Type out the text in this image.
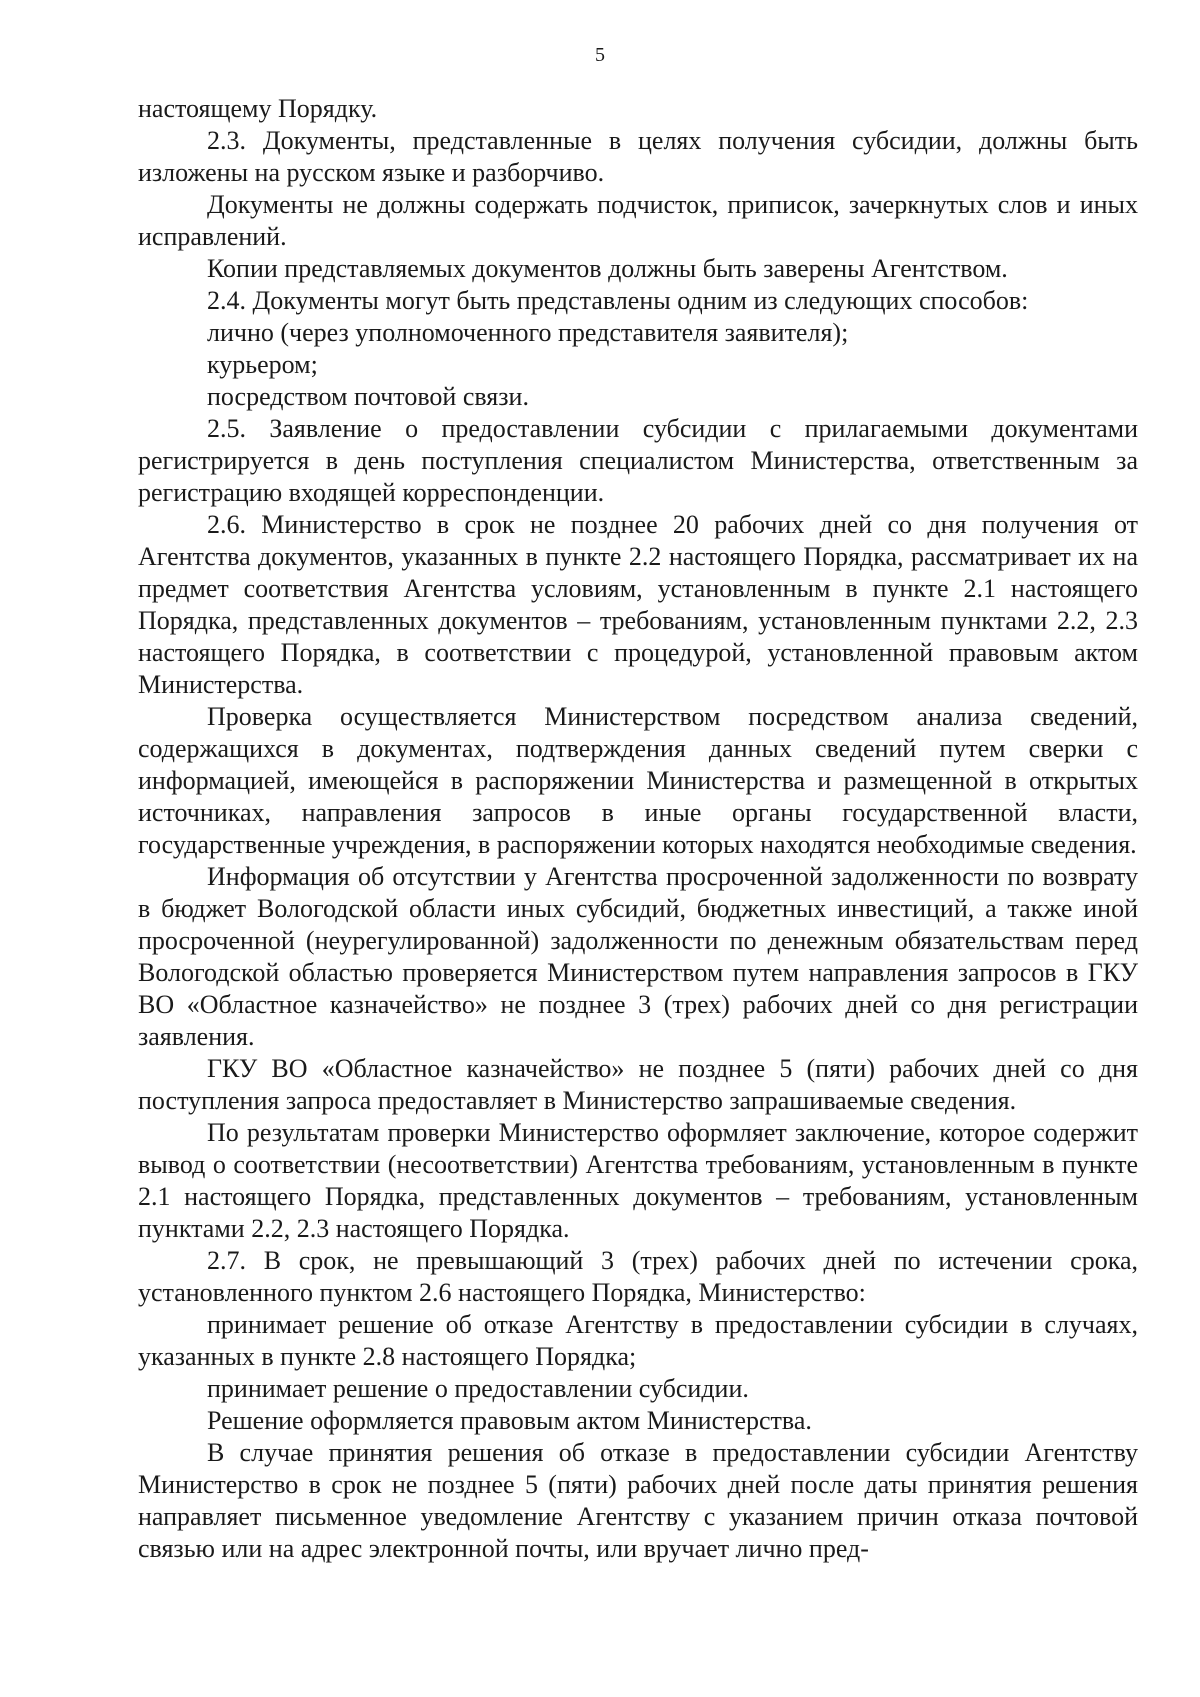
5

настоящему Порядку.

2.3. Документы, представленные в целях получения субсидии, должны быть изложены на русском языке и разборчиво.

Документы не должны содержать подчисток, приписок, зачеркнутых слов и иных исправлений.

Копии представляемых документов должны быть заверены Агентством.

2.4. Документы могут быть представлены одним из следующих способов:

лично (через уполномоченного представителя заявителя);

курьером;

посредством почтовой связи.

2.5. Заявление о предоставлении субсидии с прилагаемыми документами регистрируется в день поступления специалистом Министерства, ответственным за регистрацию входящей корреспонденции.

2.6. Министерство в срок не позднее 20 рабочих дней со дня получения от Агентства документов, указанных в пункте 2.2 настоящего Порядка, рассматривает их на предмет соответствия Агентства условиям, установленным в пункте 2.1 настоящего Порядка, представленных документов – требованиям, установленным пунктами 2.2, 2.3 настоящего Порядка, в соответствии с процедурой, установленной правовым актом Министерства.

Проверка осуществляется Министерством посредством анализа сведений, содержащихся в документах, подтверждения данных сведений путем сверки с информацией, имеющейся в распоряжении Министерства и размещенной в открытых источниках, направления запросов в иные органы государственной власти, государственные учреждения, в распоряжении которых находятся необходимые сведения.

Информация об отсутствии у Агентства просроченной задолженности по возврату в бюджет Вологодской области иных субсидий, бюджетных инвестиций, а также иной просроченной (неурегулированной) задолженности по денежным обязательствам перед Вологодской областью проверяется Министерством путем направления запросов в ГКУ ВО «Областное казначейство» не позднее 3 (трех) рабочих дней со дня регистрации заявления.

ГКУ ВО «Областное казначейство» не позднее 5 (пяти) рабочих дней со дня поступления запроса предоставляет в Министерство запрашиваемые сведения.

По результатам проверки Министерство оформляет заключение, которое содержит вывод о соответствии (несоответствии) Агентства требованиям, установленным в пункте 2.1 настоящего Порядка, представленных документов – требованиям, установленным пунктами 2.2, 2.3 настоящего Порядка.

2.7. В срок, не превышающий 3 (трех) рабочих дней по истечении срока, установленного пунктом 2.6 настоящего Порядка, Министерство:

принимает решение об отказе Агентству в предоставлении субсидии в случаях, указанных в пункте 2.8 настоящего Порядка;

принимает решение о предоставлении субсидии.

Решение оформляется правовым актом Министерства.

В случае принятия решения об отказе в предоставлении субсидии Агентству Министерство в срок не позднее 5 (пяти) рабочих дней после даты принятия решения направляет письменное уведомление Агентству с указанием причин отказа почтовой связью или на адрес электронной почты, или вручает лично пред-
